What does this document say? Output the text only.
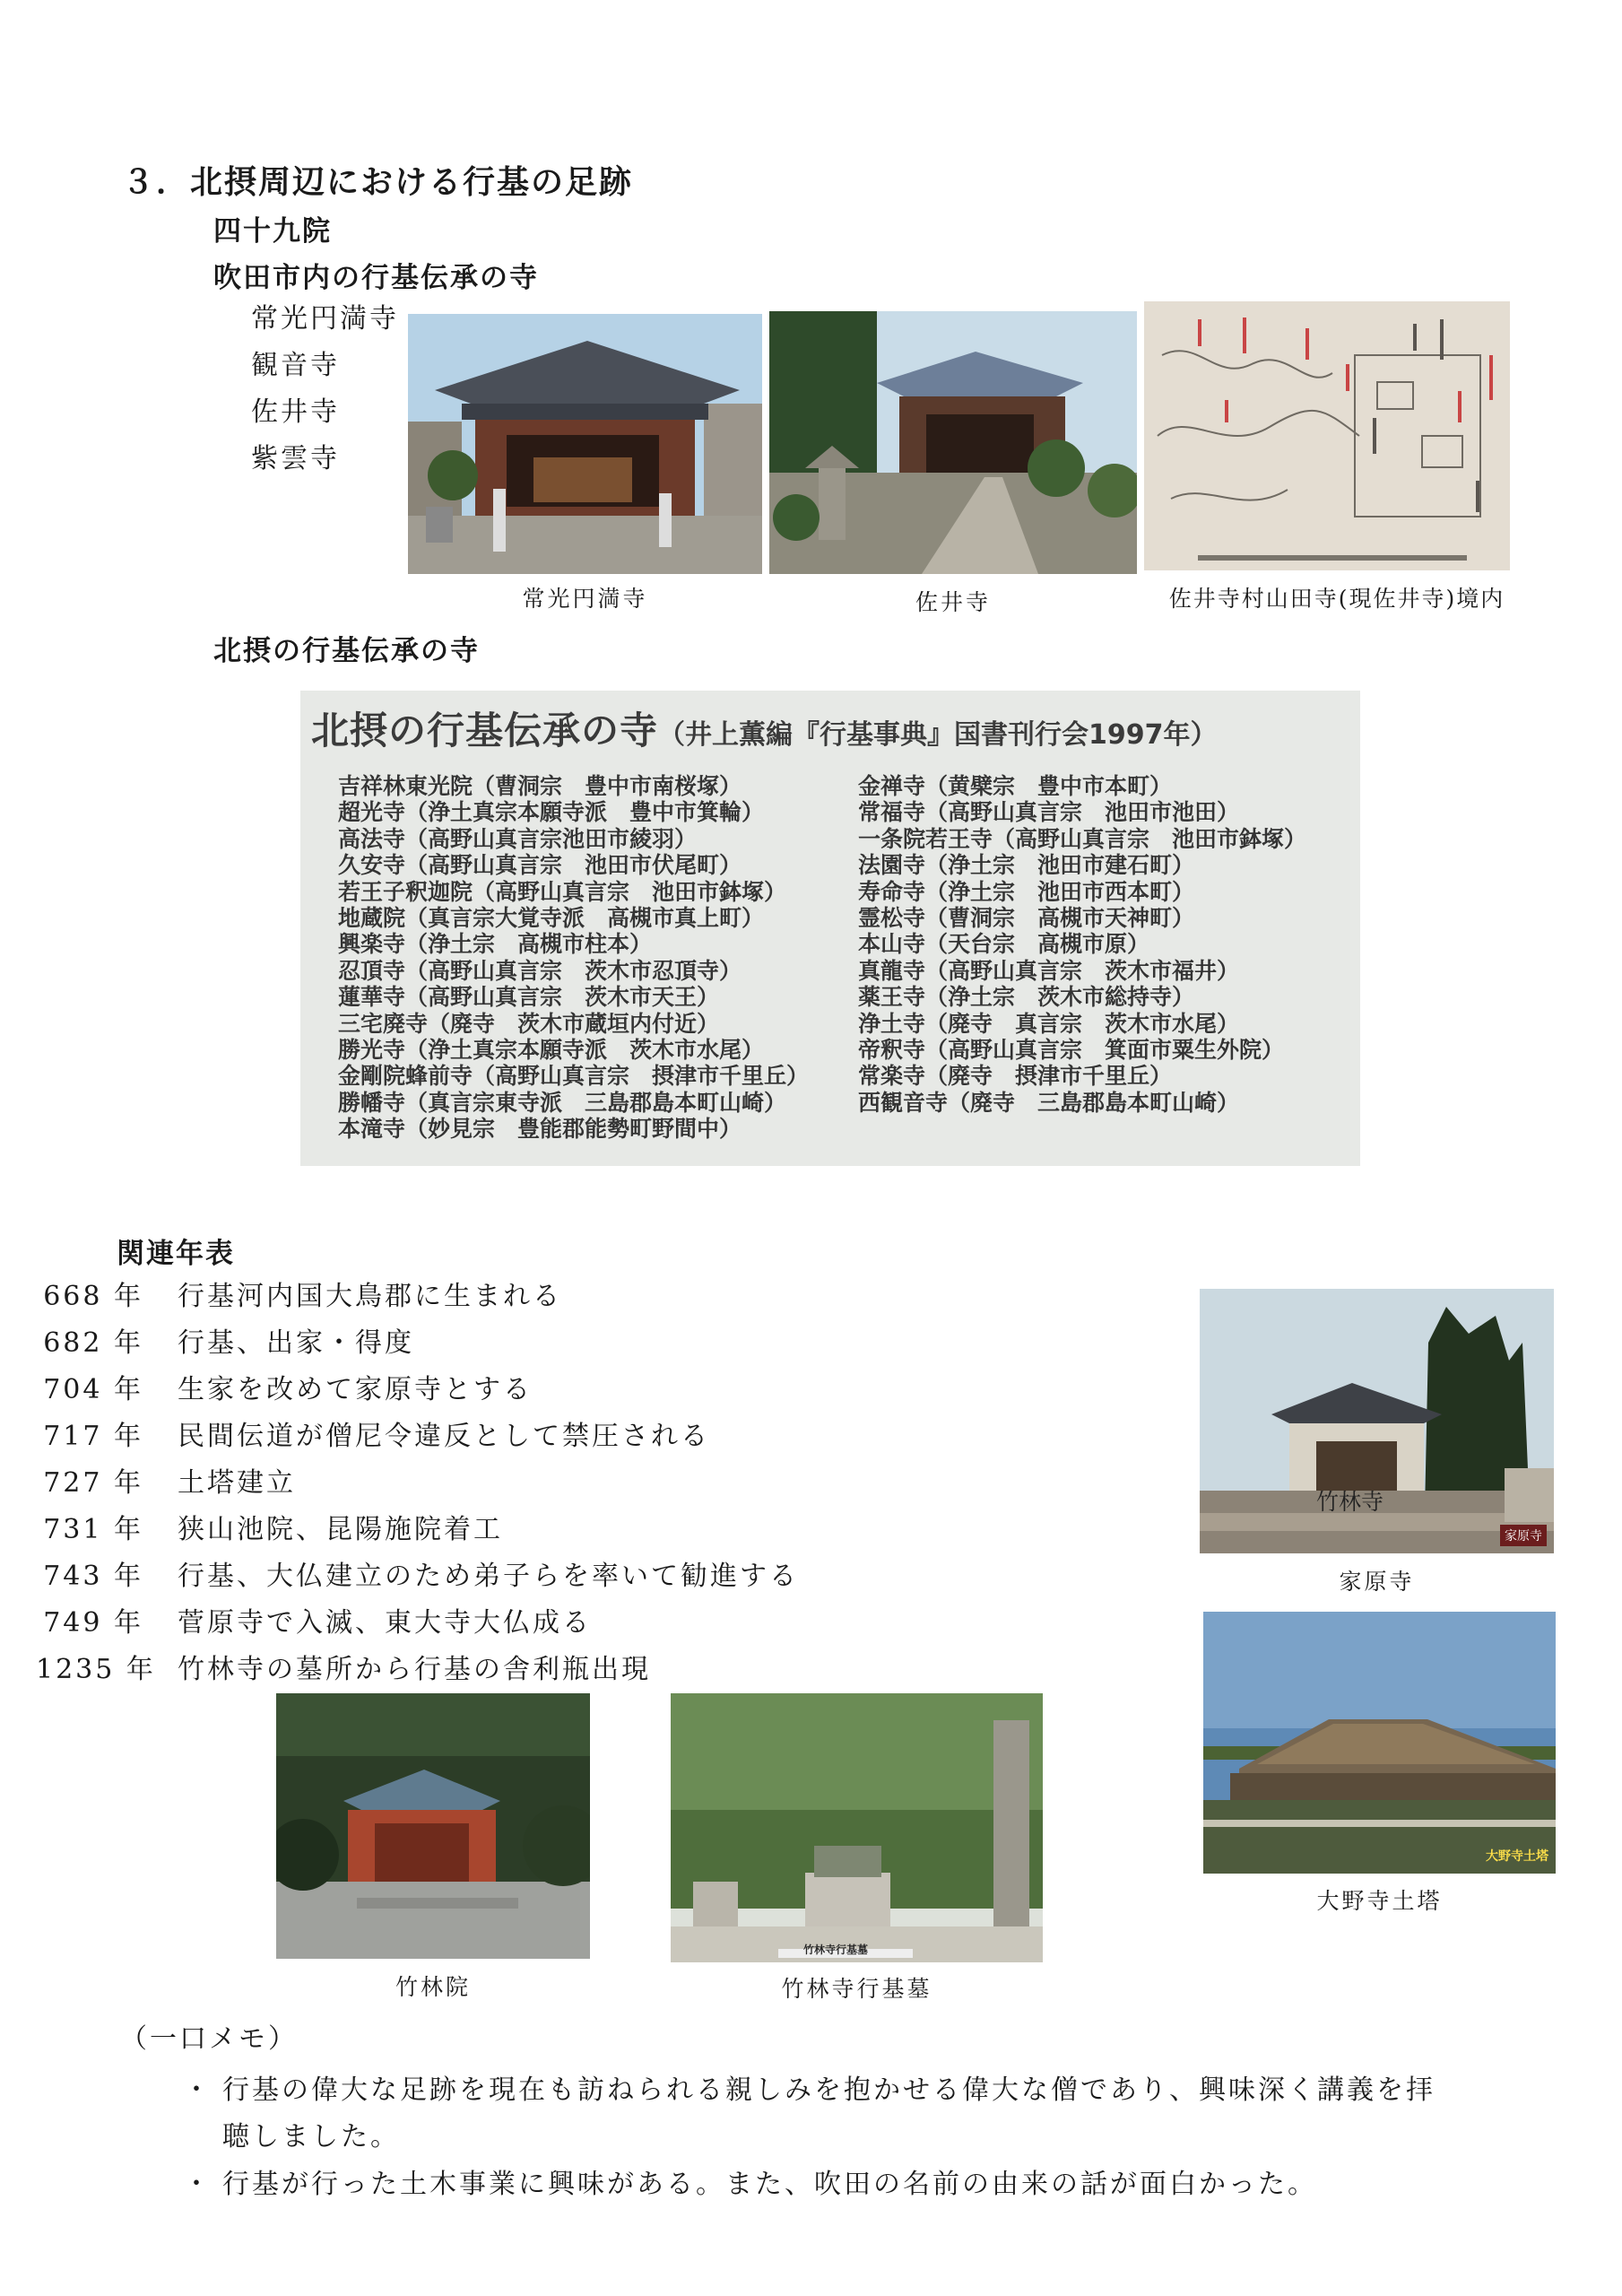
３．北摂周辺における行基の足跡
四十九院
吹田市内の行基伝承の寺
常光円満寺
観音寺
佐井寺
紫雲寺
常光円満寺	佐井寺	佐井寺村山田寺(現佐井寺)境内
北摂の行基伝承の寺
北摂の行基伝承の寺（井上薫編『行基事典』国書刊行会1997年）
吉祥林東光院（曹洞宗　豊中市南桜塚）
超光寺（浄土真宗本願寺派　豊中市箕輪）
高法寺（高野山真言宗池田市綾羽）
久安寺（高野山真言宗　池田市伏尾町）
若王子釈迦院（高野山真言宗　池田市鉢塚）
地蔵院（真言宗大覚寺派　高槻市真上町）
興楽寺（浄土宗　高槻市柱本）
忍頂寺（高野山真言宗　茨木市忍頂寺）
蓮華寺（高野山真言宗　茨木市天王）
三宅廃寺（廃寺　茨木市蔵垣内付近）
勝光寺（浄土真宗本願寺派　茨木市水尾）
金剛院蜂前寺（高野山真言宗　摂津市千里丘）
勝幡寺（真言宗東寺派　三島郡島本町山崎）
本滝寺（妙見宗　豊能郡能勢町野間中）
金禅寺（黄檗宗　豊中市本町）
常福寺（高野山真言宗　池田市池田）
一条院若王寺（高野山真言宗　池田市鉢塚）
法園寺（浄土宗　池田市建石町）
寿命寺（浄土宗　池田市西本町）
霊松寺（曹洞宗　高槻市天神町）
本山寺（天台宗　高槻市原）
真龍寺（高野山真言宗　茨木市福井）
薬王寺（浄土宗　茨木市総持寺）
浄土寺（廃寺　真言宗　茨木市水尾）
帝釈寺（高野山真言宗　箕面市粟生外院）
常楽寺（廃寺　摂津市千里丘）
西観音寺（廃寺　三島郡島本町山崎）
関連年表
668 年 行基河内国大鳥郡に生まれる
682 年 行基、出家・得度
704 年 生家を改めて家原寺とする
717 年 民間伝道が僧尼令違反として禁圧される
727 年 土塔建立
731 年 狭山池院、昆陽施院着工
743 年 行基、大仏建立のため弟子らを率いて勧進する
749 年 菅原寺で入滅、東大寺大仏成る
1235 年 竹林寺の墓所から行基の舎利瓶出現
竹林寺
家原寺
家原寺
大野寺土塔
大野寺土塔
竹林院
竹林寺行基墓
竹林寺行基墓
（一口メモ）
・ 行基の偉大な足跡を現在も訪ねられる親しみを抱かせる偉大な僧であり、興味深く講義を拝
聴しました。
・ 行基が行った土木事業に興味がある。また、吹田の名前の由来の話が面白かった。
